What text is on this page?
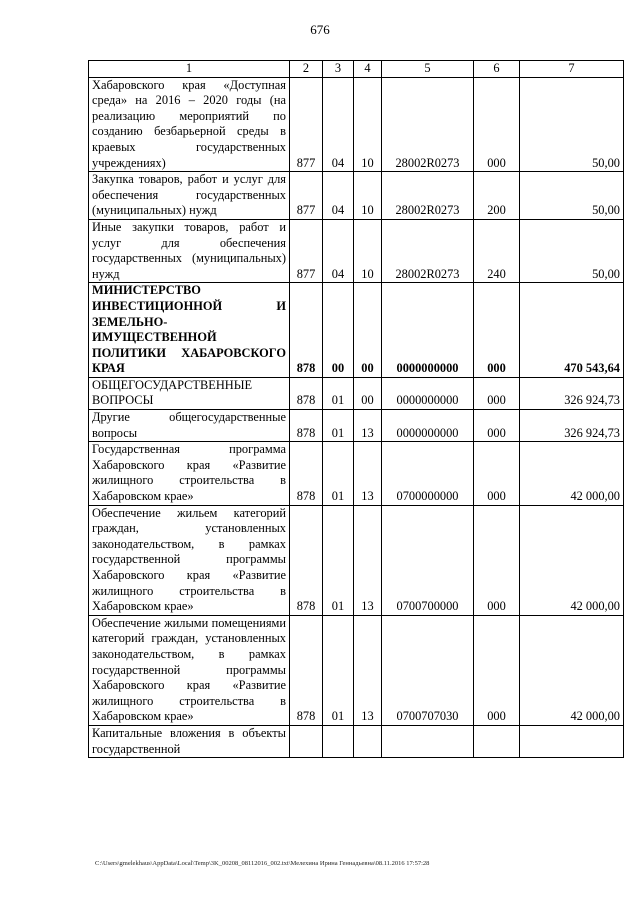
676
1	2	3	4	5	6	7
Хабаровского края «Доступная среда» на 2016 – 2020 годы (на реализацию мероприятий по созданию безбарьерной среды в краевых государственных учреждениях)	877	04	10	28002R0273	000	50,00
Закупка товаров, работ и услуг для обеспечения государственных (муниципальных) нужд	877	04	10	28002R0273	200	50,00
Иные закупки товаров, работ и услуг для обеспечения государственных (муниципальных) нужд	877	04	10	28002R0273	240	50,00
МИНИСТЕРСТВО ИНВЕСТИЦИОННОЙ И ЗЕМЕЛЬНО-ИМУЩЕСТВЕННОЙ ПОЛИТИКИ ХАБАРОВСКОГО КРАЯ	878	00	00	0000000000	000	470 543,64
ОБЩЕГОСУДАРСТВЕННЫЕ ВОПРОСЫ	878	01	00	0000000000	000	326 924,73
Другие общегосударственные вопросы	878	01	13	0000000000	000	326 924,73
Государственная программа Хабаровского края «Развитие жилищного строительства в Хабаровском крае»	878	01	13	0700000000	000	42 000,00
Обеспечение жильем категорий граждан, установленных законодательством, в рамках государственной программы Хабаровского края «Развитие жилищного строительства в Хабаровском крае»	878	01	13	0700700000	000	42 000,00
Обеспечение жилыми помещениями категорий граждан, установленных законодательством, в рамках государственной программы Хабаровского края «Развитие жилищного строительства в Хабаровском крае»	878	01	13	0700707030	000	42 000,00
Капитальные вложения в объекты государственной						
C:\Users\gmelekhaus\AppData\Local\Temp\3K_00208_08112016_002.txt\Мелехина Ирина Геннадьевна\08.11.2016 17:57:28
